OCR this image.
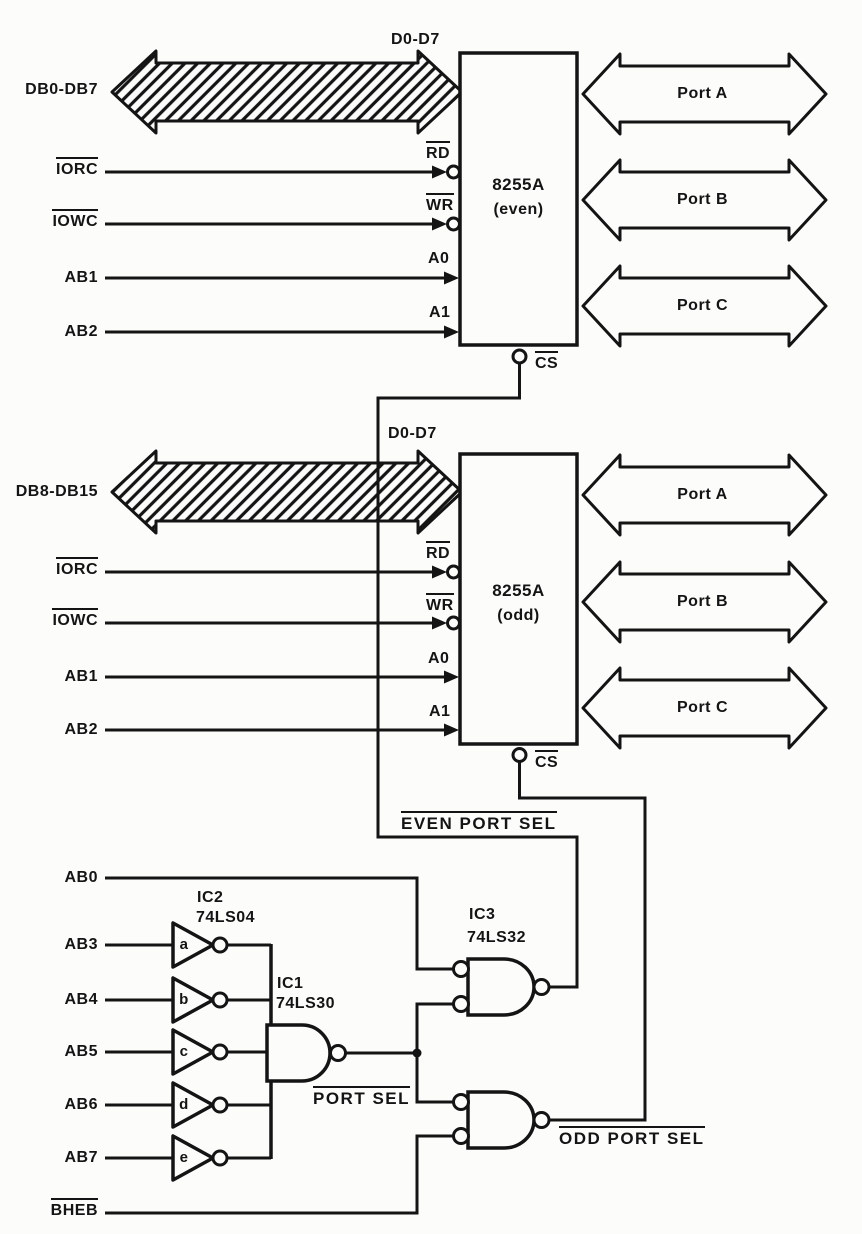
DB0-DB7
IORC
IOWC
AB1
AB2
DB8-DB15
IORC
IOWC
AB1
AB2
AB0
AB3
AB4
AB5
AB6
AB7
BHEB
D0-D7
RD
WR
A0
A1
CS
D0-D7
RD
WR
A0
A1
CS
8255A
(even)
8255A
(odd)
Port A
Port B
Port C
Port A
Port B
Port C
IC2
74LS04
IC1
74LS30
IC3
74LS32
a
b
c
d
e
EVEN PORT SEL
PORT SEL
ODD PORT SEL
